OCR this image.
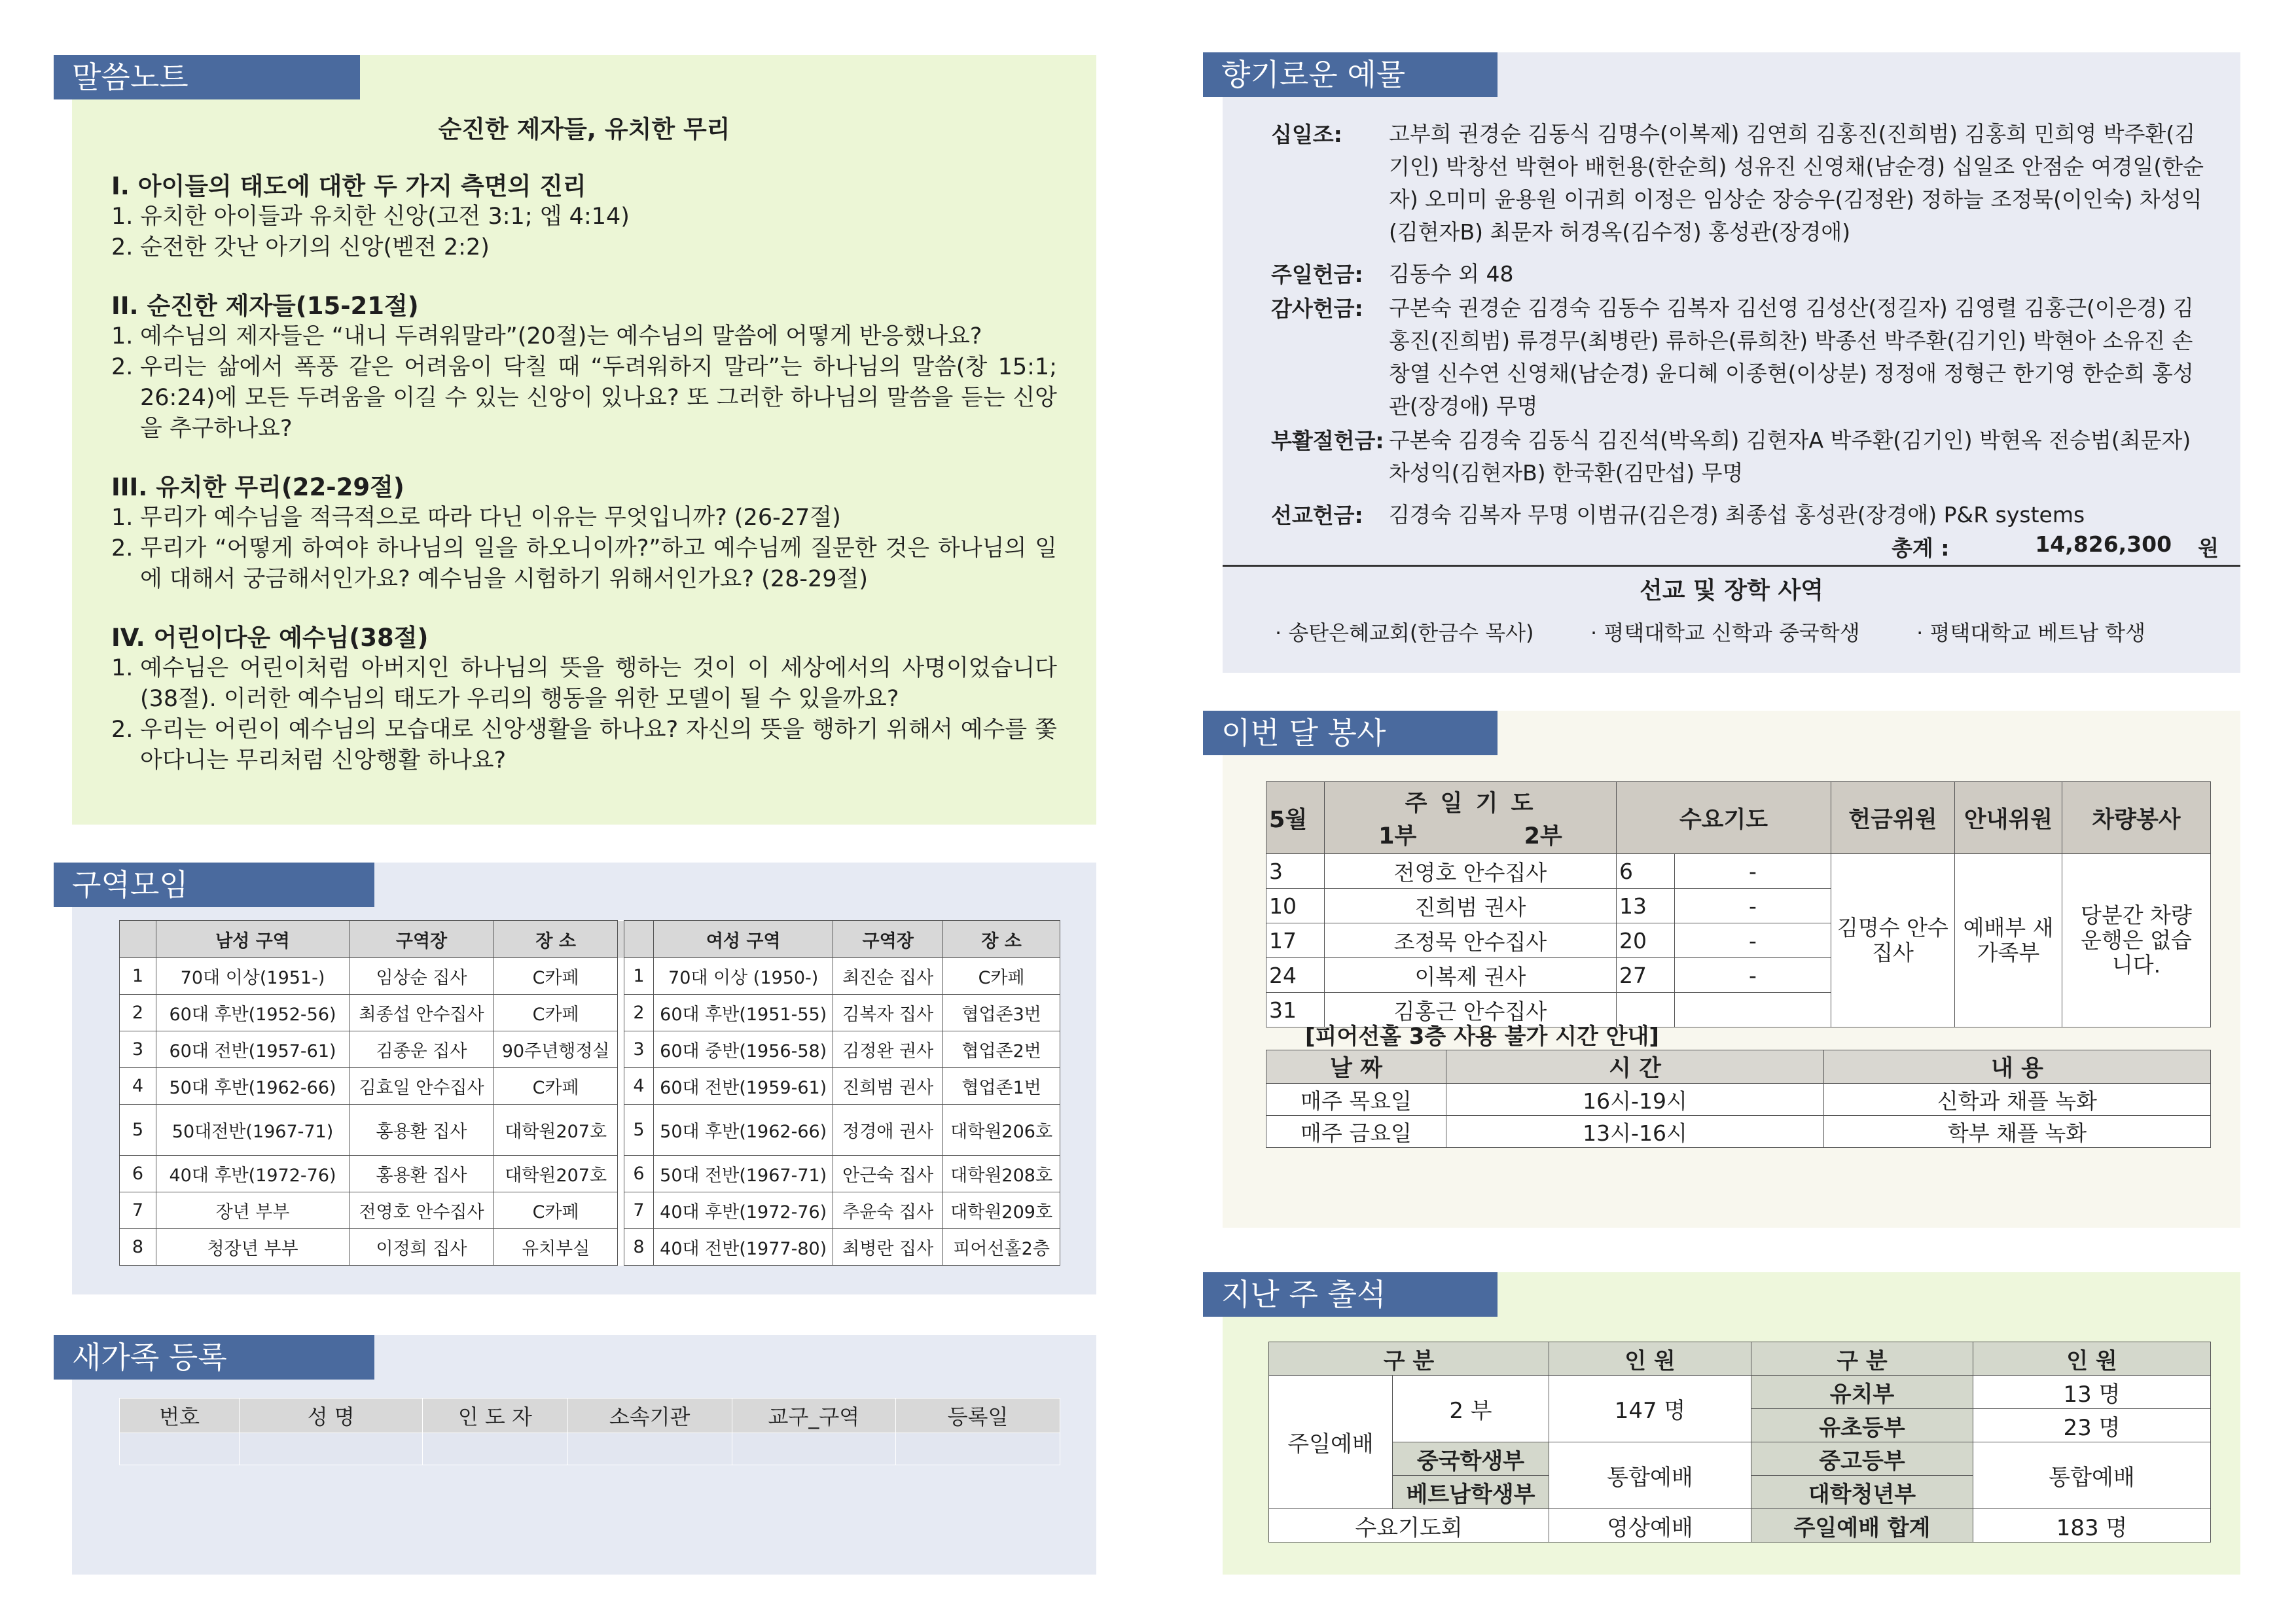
순진한 제자들, 유치한 무리
I. 아이들의 태도에 대한 두 가지 측면의 진리
1. 유치한 아이들과 유치한 신앙(고전 3:1; 엡 4:14)
2. 순전한 갓난 아기의 신앙(벧전 2:2)
II. 순진한 제자들(15-21절)
1. 예수님의 제자들은 “내니 두려워말라”(20절)는 예수님의 말씀에 어떻게 반응했나요?
2. 우리는 삶에서 폭풍 같은 어려움이 닥칠 때 “두려워하지 말라”는 하나님의 말씀(창 15:1; 26:24)에 모든 두려움을 이길 수 있는 신앙이 있나요? 또 그러한 하나님의 말씀을 듣는 신앙을 추구하나요?
III. 유치한 무리(22-29절)
1. 무리가 예수님을 적극적으로 따라 다닌 이유는 무엇입니까? (26-27절)
2. 무리가 “어떻게 하여야 하나님의 일을 하오니이까?”하고 예수님께 질문한 것은 하나님의 일에 대해서 궁금해서인가요? 예수님을 시험하기 위해서인가요? (28-29절)
IV. 어린이다운 예수님(38절)
1. 예수님은 어린이처럼 아버지인 하나님의 뜻을 행하는 것이 이 세상에서의 사명이었습니다(38절). 이러한 예수님의 태도가 우리의 행동을 위한 모델이 될 수 있을까요?
2. 우리는 어린이 예수님의 모습대로 신앙생활을 하나요? 자신의 뜻을 행하기 위해서 예수를 쫓아다니는 무리처럼 신앙행활 하나요?
말씀노트
구역모임
	남성 구역	구역장	장 소			여성 구역	구역장	장 소
1	70대 이상(1951-)	임상순 집사	C카페		1	70대 이상 (1950-)	최진순 집사	C카페
2	60대 후반(1952-56)	최종섭 안수집사	C카페		2	60대 후반(1951-55)	김복자 집사	협업존3번
3	60대 전반(1957-61)	김종운 집사	90주년행정실		3	60대 중반(1956-58)	김정완 권사	협업존2번
4	50대 후반(1962-66)	김효일 안수집사	C카페		4	60대 전반(1959-61)	진희범 권사	협업존1번
5	50대전반(1967-71)	홍용환 집사	대학원207호		5	50대 후반(1962-66)	정경애 권사	대학원206호
6	40대 후반(1972-76)	홍용환 집사	대학원207호		6	50대 전반(1967-71)	안근숙 집사	대학원208호
7	장년 부부	전영호 안수집사	C카페		7	40대 후반(1972-76)	추윤숙 집사	대학원209호
8	청장년 부부	이정희 집사	유치부실		8	40대 전반(1977-80)	최병란 집사	피어선홀2층
새가족 등록
번호	성 명	인 도 자	소속기관	교구_구역	등록일

향기로운 예물
십일조:	고부희 권경순 김동식 김명수(이복제) 김연희 김홍진(진희범) 김홍희 민희영 박주환(김기인) 박창선 박현아 배헌용(한순희) 성유진 신영채(남순경) 십일조 안점순 여경일(한순자) 오미미 윤용원 이귀희 이정은 임상순 장승우(김정완) 정하늘 조정묵(이인숙) 차성익(김현자B) 최문자 허경옥(김수정) 홍성관(장경애)
주일헌금:	김동수 외 48
감사헌금:	구본숙 권경순 김경숙 김동수 김복자 김선영 김성산(정길자) 김영렬 김홍근(이은경) 김홍진(진희범) 류경무(최병란) 류하은(류희찬) 박종선 박주환(김기인) 박현아 소유진 손창열 신수연 신영채(남순경) 윤디혜 이종현(이상분) 정정애 정형근 한기영 한순희 홍성관(장경애) 무명
부활절헌금: 구본숙 김경숙 김동식 김진석(박옥희) 김현자A 박주환(김기인) 박현옥 전승범(최문자) 차성익(김현자B) 한국환(김만섭) 무명
선교헌금:	김경숙 김복자 무명 이범규(김은경) 최종섭 홍성관(장경애) P&R systems
총계 :	14,826,300 원
선교 및 장학 사역
· 송탄은혜교회(한금수 목사)	· 평택대학교 신학과 중국학생	· 평택대학교 베트남 학생
이번 달 봉사
5월	주 일 기 도
1부 2부	수요기도		헌금위원	안내위원	차량봉사
3	전영호 안수집사	6	-	김명수 안수집사	예배부 새가족부	당분간 차량운행은 없습니다.
10	진희범 권사	13	-			
17	조정묵 안수집사	20	-			
24	이복제 권사	27	-			
31	김홍근 안수집사					
[피어선홀 3층 사용 불가 시간 안내]
날 짜	시 간	내 용
매주 목요일	16시-19시	신학과 채플 녹화
매주 금요일	13시-16시	학부 채플 녹화
지난 주 출석
구 분		인 원	구 분	인 원
주일예배	2 부	147 명	유치부	13 명
			유초등부	23 명
	중국학생부	통합예배	중고등부	통합예배
	베트남학생부		대학청년부	
수요기도회		영상예배	주일예배 합계	183 명
